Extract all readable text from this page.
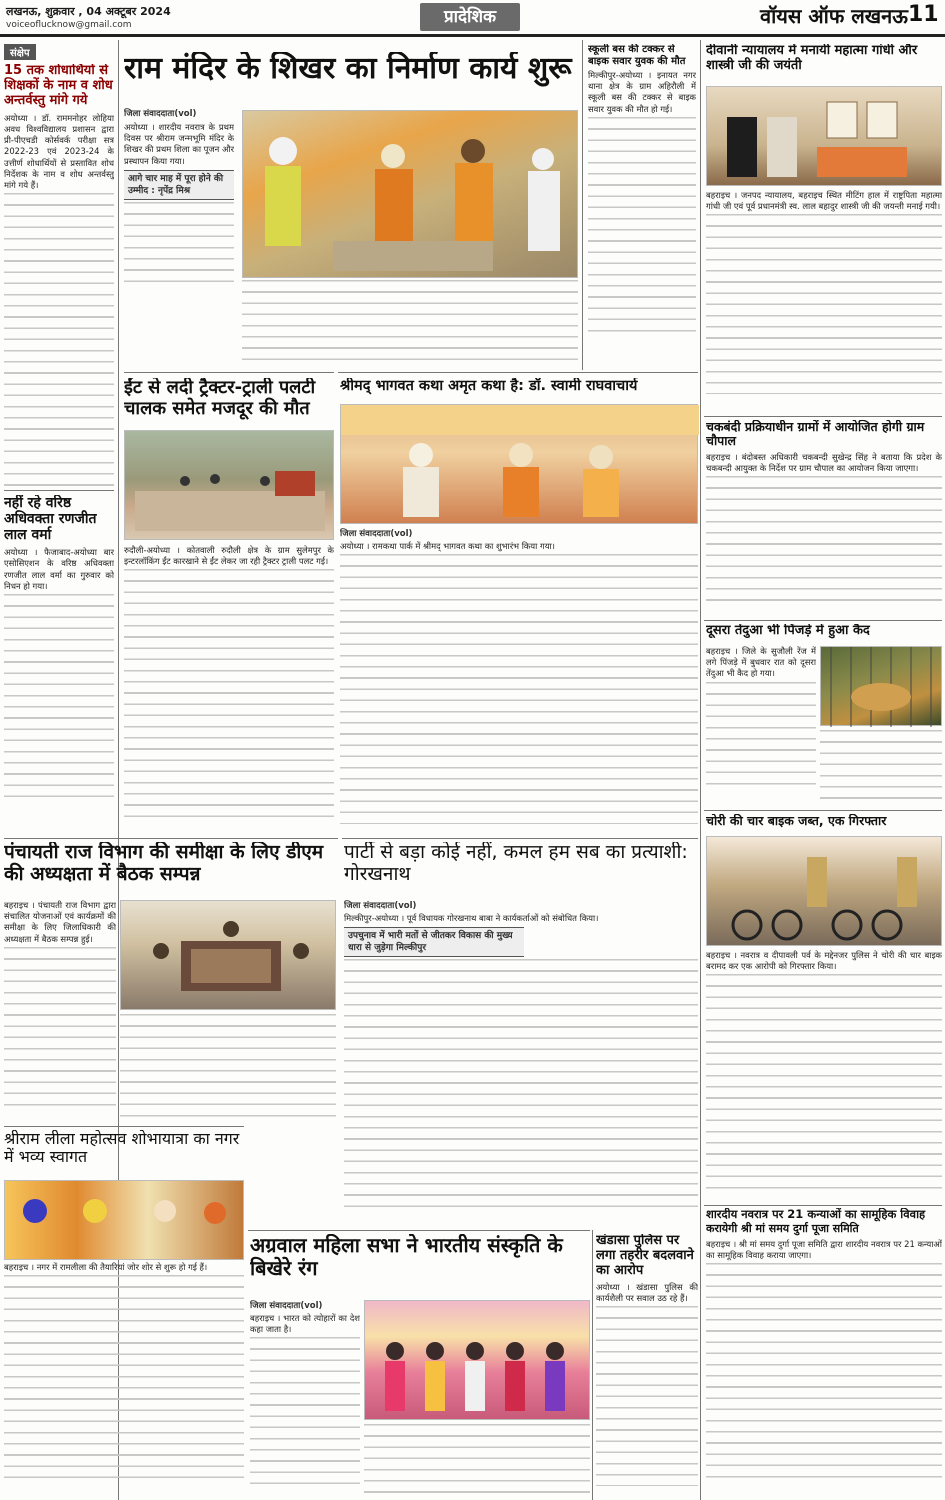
लखनऊ, शुक्रवार , 04 अक्टूबर 2024
voiceoflucknow@gmail.com	प्रादेशिक	वॉयस ऑफ लखनऊ 11
संक्षेप
15 तक शोधार्थियों से शिक्षकों के नाम व शोध अन्तर्वस्तु मांगे गये
अयोध्या । डॉ. राममनोहर लोहिया अवध विश्वविद्यालय प्रशासन द्वारा प्री-पीएचडी कोर्सवर्क परीक्षा सत्र 2022-23 एवं 2023-24 के उत्तीर्ण शोधार्थियों से प्रस्तावित शोध निर्देशक के नाम व शोध अन्तर्वस्तु मांगे गये हैं।
नहीं रहे वरिष्ठ अधिवक्ता रणजीत लाल वर्मा
अयोध्या । फैजाबाद-अयोध्या बार एसोसिएशन के वरिष्ठ अधिवक्ता रणजीत लाल वर्मा का गुरुवार को निधन हो गया।
राम मंदिर के शिखर का निर्माण कार्य शुरू
जिला संवाददाता(vol)
अयोध्या । शारदीय नवरात्र के प्रथम दिवस पर श्रीराम जन्मभूमि मंदिर के शिखर की प्रथम शिला का पूजन और प्रस्थापन किया गया।
आगे चार माह में पूरा होने की उम्मीद : नृपेंद्र मिश्र
स्कूली बस की टक्कर से बाइक सवार युवक की मौत
मिल्कीपुर-अयोध्या । इनायत नगर थाना क्षेत्र के ग्राम अहिरौली में स्कूली बस की टक्कर से बाइक सवार युवक की मौत हो गई।
दीवानी न्यायालय में मनायी महात्मा गांधी और शास्त्री जी की जयंती
बहराइच । जनपद न्यायालय, बहराइच स्थित मीटिंग हाल में राष्ट्रपिता महात्मा गांधी जी एवं पूर्व प्रधानमंत्री स्व. लाल बहादुर शास्त्री जी की जयन्ती मनाई गयी।
ईंट से लदी ट्रैक्टर-ट्राली पलटी चालक समेत मजदूर की मौत
रुदौली-अयोध्या । कोतवाली रुदौली क्षेत्र के ग्राम सुलेमपुर के इन्टरलॉकिंग ईंट कारखाने से ईंट लेकर जा रही ट्रैक्टर ट्राली पलट गई।
श्रीमद् भागवत कथा अमृत कथा है: डॉ. स्वामी राघवाचार्य
जिला संवाददाता(vol)
अयोध्या । रामकथा पार्क में श्रीमद् भागवत कथा का शुभारंभ किया गया।
चकबंदी प्रक्रियाधीन ग्रामों में आयोजित होगी ग्राम चौपाल
बहराइच । बंदोबस्त अधिकारी चकबन्दी सुखेन्द्र सिंह ने बताया कि प्रदेश के चकबन्दी आयुक्त के निर्देश पर ग्राम चौपाल का आयोजन किया जाएगा।
दूसरा तेंदुआ भी पिंजड़े में हुआ कैद
बहराइच । जिले के सुजौली रेंज में लगे पिंजड़े में बुधवार रात को दूसरा तेंदुआ भी कैद हो गया।
पंचायती राज विभाग की समीक्षा के लिए डीएम की अध्यक्षता में बैठक सम्पन्न
बहराइच । पंचायती राज विभाग द्वारा संचालित योजनाओं एवं कार्यक्रमों की समीक्षा के लिए जिलाधिकारी की अध्यक्षता में बैठक सम्पन्न हुई।
पार्टी से बड़ा कोई नहीं, कमल हम सब का प्रत्याशी: गोरखनाथ
जिला संवाददाता(vol)
मिल्कीपुर-अयोध्या । पूर्व विधायक गोरखनाथ बाबा ने कार्यकर्ताओं को संबोधित किया।
उपचुनाव में भारी मतों से जीतकर विकास की मुख्य धारा से जुड़ेगा मिल्कीपुर
चोरी की चार बाइक जब्त, एक गिरफ्तार
बहराइच । नवरात्र व दीपावली पर्व के मद्देनजर पुलिस ने चोरी की चार बाइक बरामद कर एक आरोपी को गिरफ्तार किया।
श्रीराम लीला महोत्सव शोभायात्रा का नगर में भव्य स्वागत
बहराइच । नगर में रामलीला की तैयारियां जोर शोर से शुरू हो गई हैं।
अग्रवाल महिला सभा ने भारतीय संस्कृति के बिखेरे रंग
जिला संवाददाता(vol)
बहराइच । भारत को त्योहारों का देश कहा जाता है।
खंडासा पुलिस पर लगा तहरीर बदलवाने का आरोप
अयोध्या । खंडासा पुलिस की कार्यशैली पर सवाल उठ रहे हैं।
शारदीय नवरात्र पर 21 कन्याओं का सामूहिक विवाह
करायेगी श्री मां समय दुर्गा पूजा समिति
बहराइच । श्री मां समय दुर्गा पूजा समिति द्वारा शारदीय नवरात्र पर 21 कन्याओं का सामूहिक विवाह कराया जाएगा।
